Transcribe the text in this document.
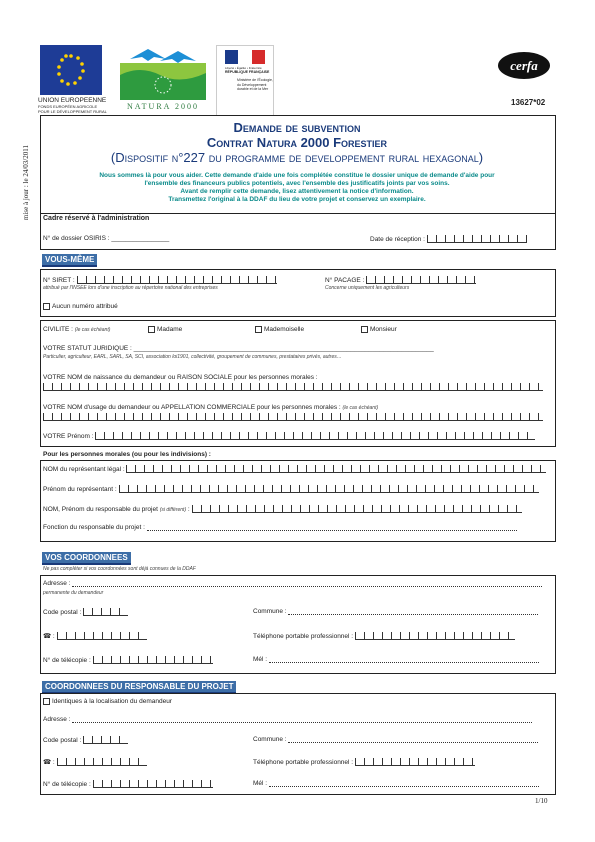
UNION EUROPEENNE
FONDS EUROPÉEN AGRICOLE
POUR LE DÉVELOPPEMENT RURAL
NATURA 2000
Liberté • Égalité • Fraternité
RÉPUBLIQUE FRANÇAISE
Ministère de l'Écologie, du Développement durable et de la Mer
cerfa
13627*02
mise à jour : le 24/03/2011
Demande de subvention
Contrat Natura 2000 Forestier
(Dispositif n°227 du programme de developpement rural hexagonal)
Nous sommes là pour vous aider. Cette demande d'aide une fois complétée constitue le dossier unique de demande d'aide pour
l'ensemble des financeurs publics potentiels, avec l'ensemble des justificatifs joints par vos soins.
Avant de remplir cette demande, lisez attentivement la notice d'information.
Transmettez l'original à la DDAF du lieu de votre projet et conservez un exemplaire.
Cadre réservé à l'administration
N° de dossier OSIRIS : ________________	Date de réception :
VOUS-MÊME
N° SIRET :
attribué par l'INSEE lors d'une inscription au répertoire national des entreprises
N° PACAGE :
Concerne uniquement les agriculteurs
Aucun numéro attribué
CIVILITE : (le cas échéant)	Madame	Mademoiselle	Monsieur
VOTRE STATUT JURIDIQUE : ___________________________________________________________________________________
Particulier, agriculteur, EARL, SARL, SA, SCI, association loi1901, collectivité, groupement de communes, prestataires privés, autres…
VOTRE NOM de naissance du demandeur ou RAISON SOCIALE pour les personnes morales :
VOTRE NOM d'usage du demandeur ou APPELLATION COMMERCIALE pour les personnes morales : (le cas échéant)
VOTRE Prénom :
Pour les personnes morales (ou pour les indivisions) :
NOM du représentant légal :
Prénom du représentant :
NOM, Prénom du responsable du projet (si différent) :
Fonction du responsable du projet :
VOS COORDONNEES
Ne pas compléter si vos coordonnées sont déjà connues de la DDAF
Adresse :
permanente du demandeur
Code postal :	Commune :
☎ :	Téléphone portable professionnel :
N° de télécopie :	Mél :
COORDONNEES DU RESPONSABLE DU PROJET
Identiques à la localisation du demandeur
Adresse :
Code postal :	Commune :
☎ :	Téléphone portable professionnel :
N° de télécopie :	Mél :
1/10
